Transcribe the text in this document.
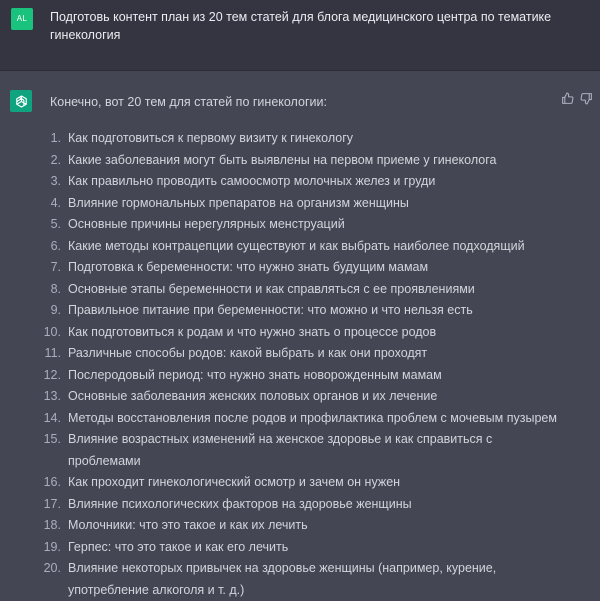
AL	Подготовь контент план из 20 тем статей для блога медицинского центра по тематике гинекология
Конечно, вот 20 тем для статей по гинекологии:
1. Как подготовиться к первому визиту к гинекологу
2. Какие заболевания могут быть выявлены на первом приеме у гинеколога
3. Как правильно проводить самоосмотр молочных желез и груди
4. Влияние гормональных препаратов на организм женщины
5. Основные причины нерегулярных менструаций
6. Какие методы контрацепции существуют и как выбрать наиболее подходящий
7. Подготовка к беременности: что нужно знать будущим мамам
8. Основные этапы беременности и как справляться с ее проявлениями
9. Правильное питание при беременности: что можно и что нельзя есть
10. Как подготовиться к родам и что нужно знать о процессе родов
11. Различные способы родов: какой выбрать и как они проходят
12. Послеродовый период: что нужно знать новорожденным мамам
13. Основные заболевания женских половых органов и их лечение
14. Методы восстановления после родов и профилактика проблем с мочевым пузырем
15. Влияние возрастных изменений на женское здоровье и как справиться с проблемами
16. Как проходит гинекологический осмотр и зачем он нужен
17. Влияние психологических факторов на здоровье женщины
18. Молочники: что это такое и как их лечить
19. Герпес: что это такое и как его лечить
20. Влияние некоторых привычек на здоровье женщины (например, курение, употребление алкоголя и т. д.)
